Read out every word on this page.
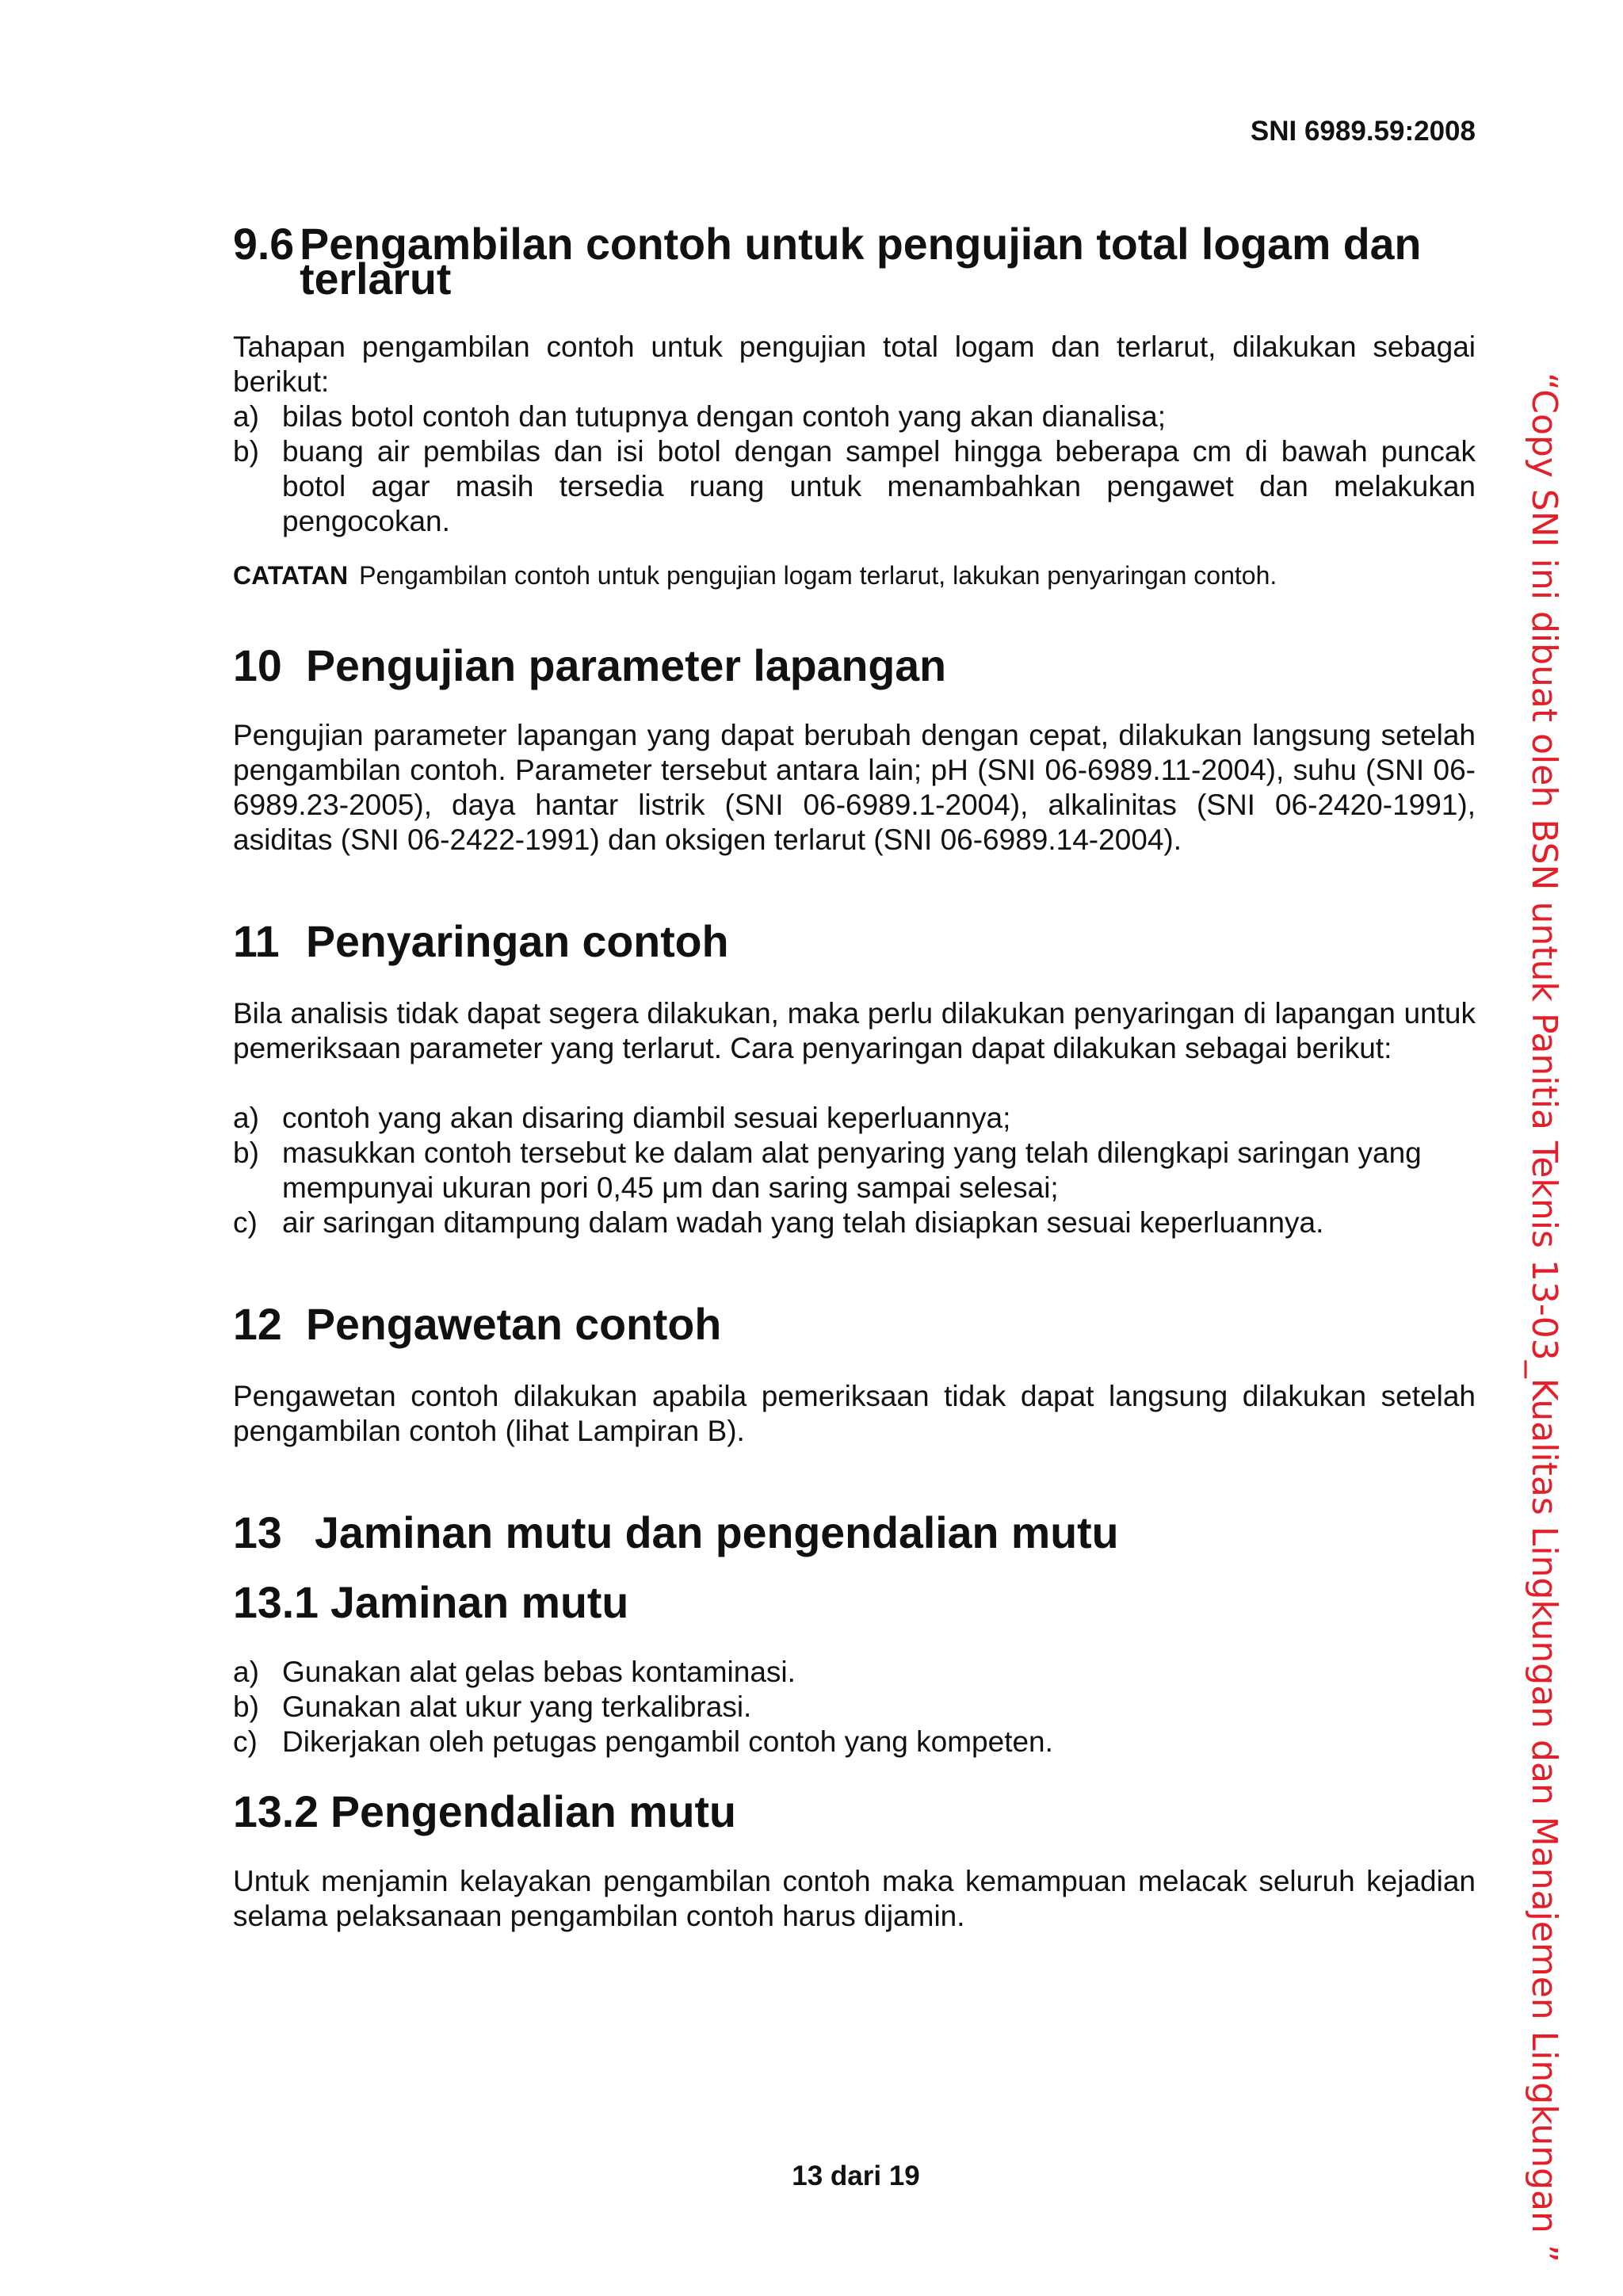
SNI 6989.59:2008
9.6 Pengambilan contoh untuk pengujian total logam dan terlarut

Tahapan pengambilan contoh untuk pengujian total logam dan terlarut, dilakukan sebagai berikut:

a) bilas botol contoh dan tutupnya dengan contoh yang akan dianalisa;
b) buang air pembilas dan isi botol dengan sampel hingga beberapa cm di bawah puncak botol agar masih tersedia ruang untuk menambahkan pengawet dan melakukan pengocokan.

CATATAN Pengambilan contoh untuk pengujian logam terlarut, lakukan penyaringan contoh.

10 Pengujian parameter lapangan

Pengujian parameter lapangan yang dapat berubah dengan cepat, dilakukan langsung setelah pengambilan contoh. Parameter tersebut antara lain; pH (SNI 06-6989.11-2004), suhu (SNI 06-6989.23-2005), daya hantar listrik (SNI 06-6989.1-2004), alkalinitas (SNI 06-2420-1991), asiditas (SNI 06-2422-1991) dan oksigen terlarut (SNI 06-6989.14-2004).

11 Penyaringan contoh

Bila analisis tidak dapat segera dilakukan, maka perlu dilakukan penyaringan di lapangan untuk pemeriksaan parameter yang terlarut. Cara penyaringan dapat dilakukan sebagai berikut:

a) contoh yang akan disaring diambil sesuai keperluannya;
b) masukkan contoh tersebut ke dalam alat penyaring yang telah dilengkapi saringan yang mempunyai ukuran pori 0,45 μm dan saring sampai selesai;
c) air saringan ditampung dalam wadah yang telah disiapkan sesuai keperluannya.
12 Pengawetan contoh

Pengawetan contoh dilakukan apabila pemeriksaan tidak dapat langsung dilakukan setelah pengambilan contoh (lihat Lampiran B).

13 Jaminan mutu dan pengendalian mutu
13.1 Jaminan mutu
a) Gunakan alat gelas bebas kontaminasi.
b) Gunakan alat ukur yang terkalibrasi.
c) Dikerjakan oleh petugas pengambil contoh yang kompeten.
13.2 Pengendalian mutu

Untuk menjamin kelayakan pengambilan contoh maka kemampuan melacak seluruh kejadian selama pelaksanaan pengambilan contoh harus dijamin.

13 dari 19	“Copy SNI ini dibuat oleh BSN untuk Panitia Teknis 13-03_Kualitas Lingkungan dan Manajemen Lingkungan ”
